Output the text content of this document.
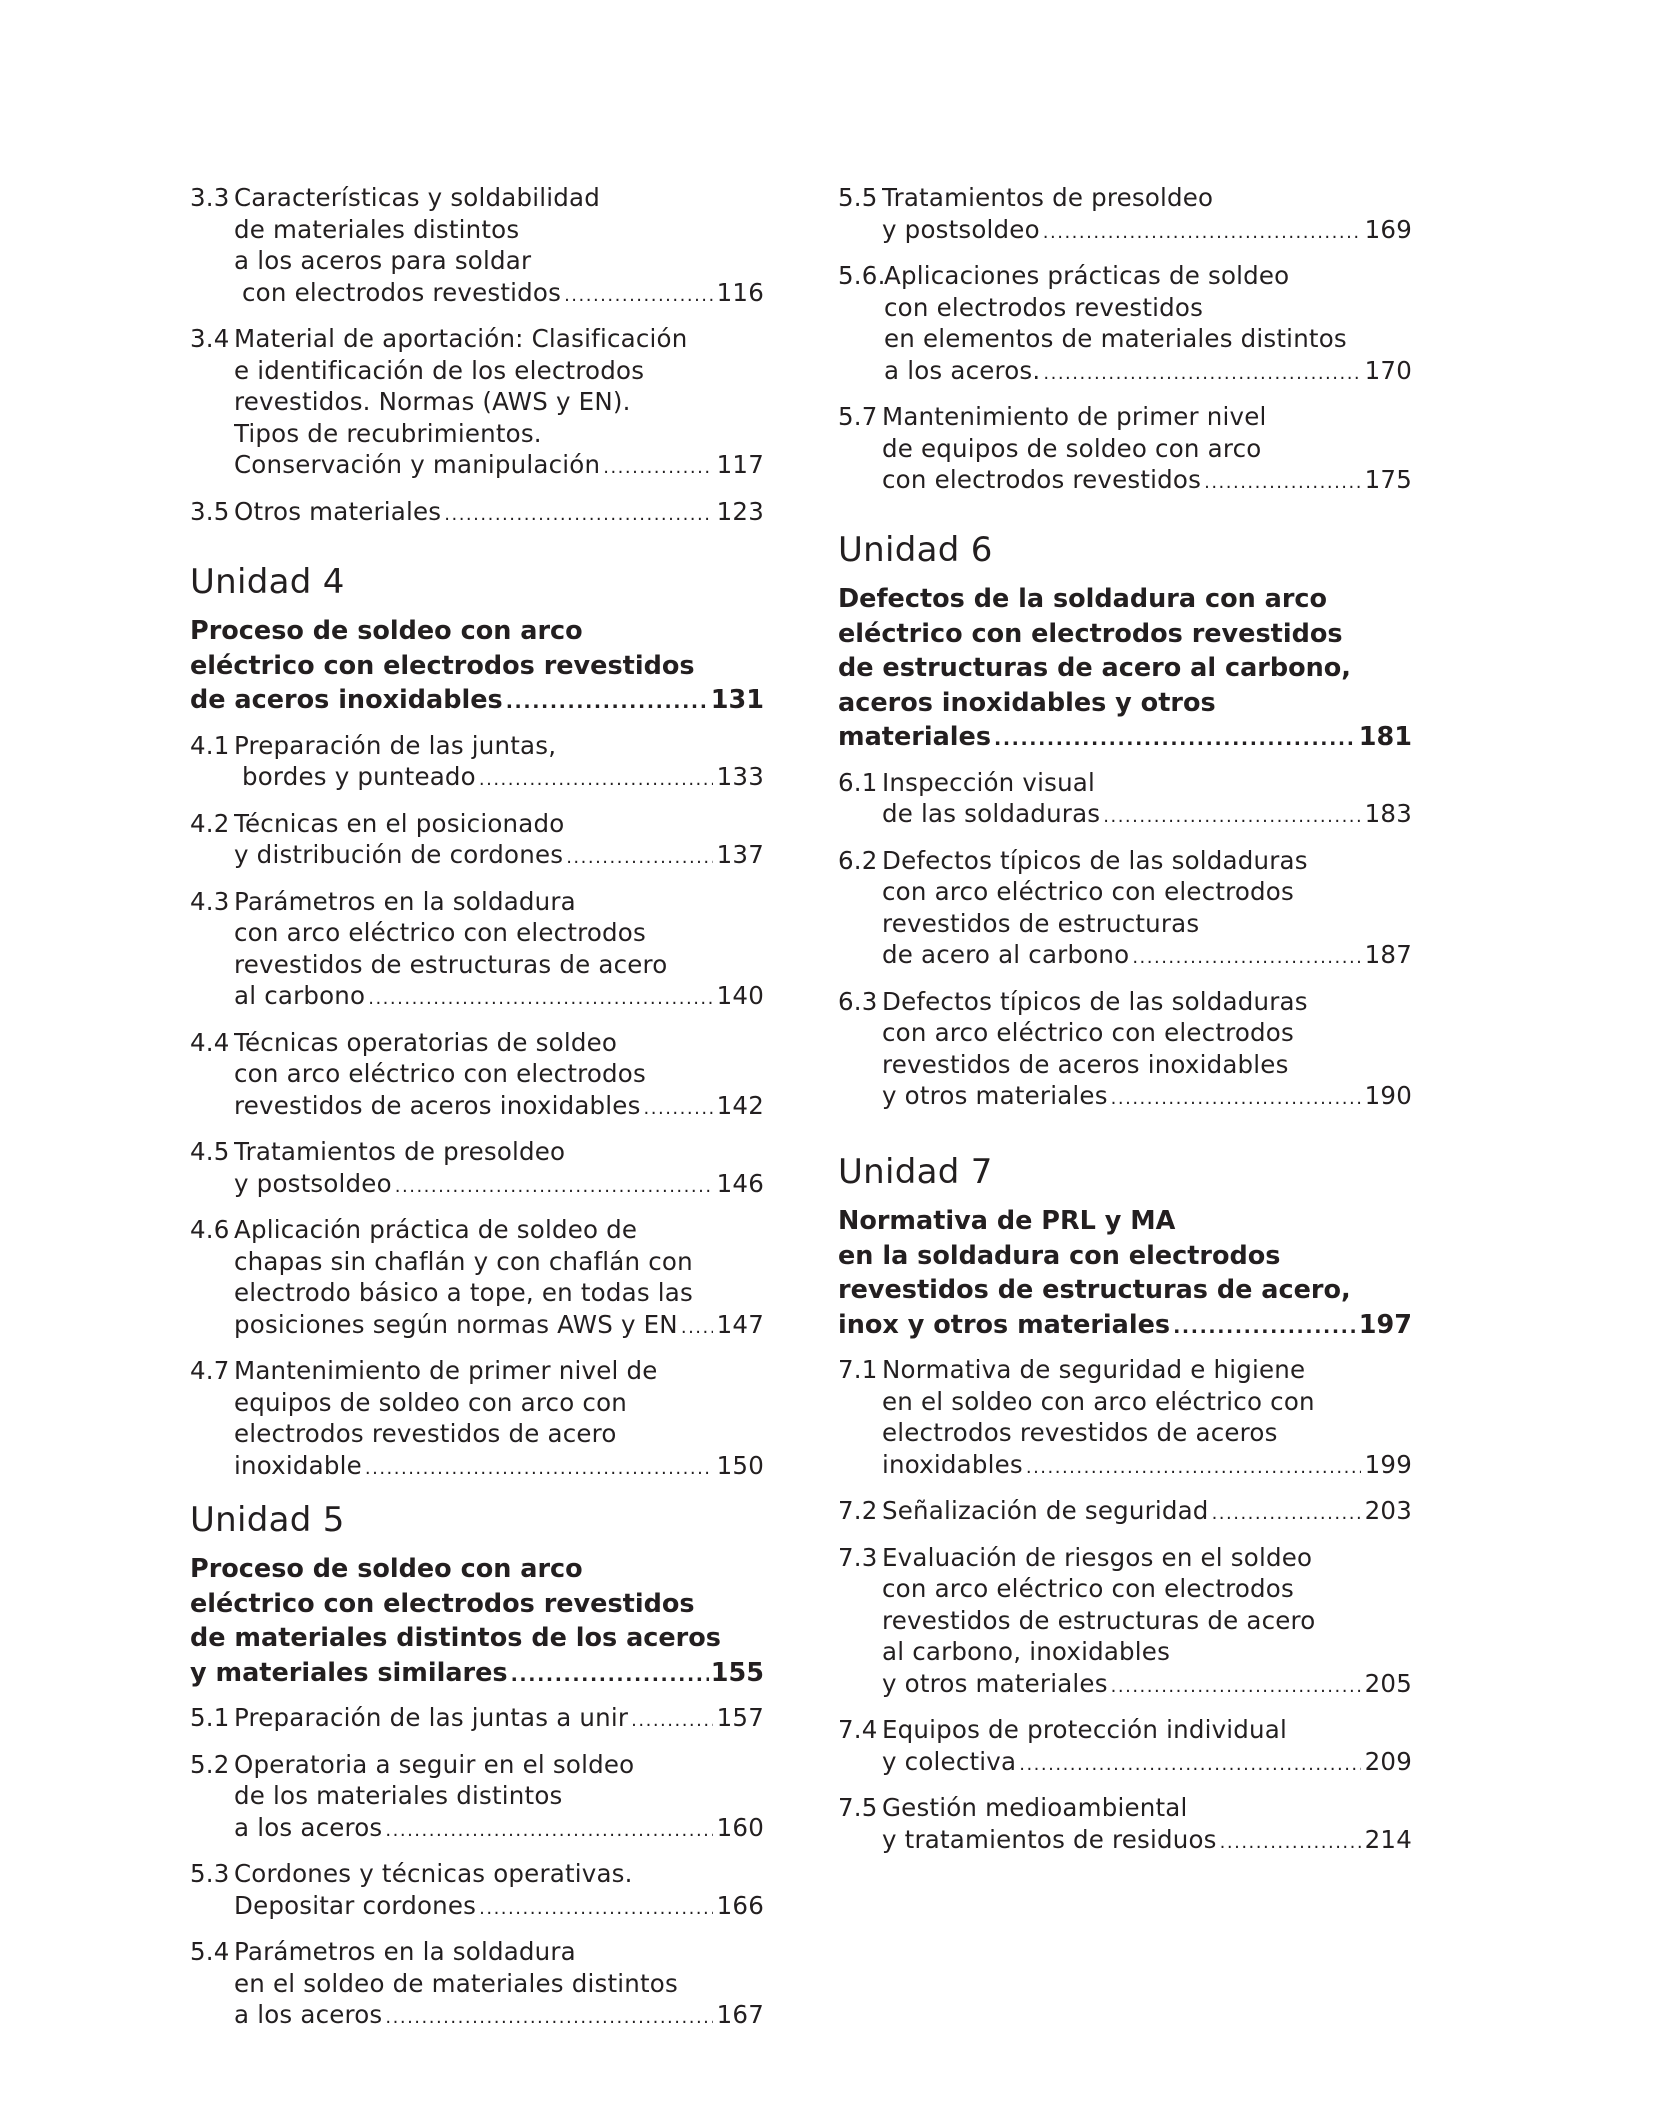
3.3 Características y soldabilidad
de materiales distintos
a los aceros para soldar
con electrodos revestidos .....	116
3.4 Material de aportación: Clasificación
e identificación de los electrodos
revestidos. Normas (AWS y EN).
Tipos de recubrimientos.
Conservación y manipulación .....	117
3.5 Otros materiales .....	123
Unidad 4
Proceso de soldeo con arco
eléctrico con electrodos revestidos
de aceros inoxidables .....	131
4.1 Preparación de las juntas,
bordes y punteado .....	133
4.2 Técnicas en el posicionado
y distribución de cordones .....	137
4.3 Parámetros en la soldadura
con arco eléctrico con electrodos
revestidos de estructuras de acero
al carbono .....	140
4.4 Técnicas operatorias de soldeo
con arco eléctrico con electrodos
revestidos de aceros inoxidables .....	142
4.5 Tratamientos de presoldeo
y postsoldeo .....	146
4.6 Aplicación práctica de soldeo de
chapas sin chaflán y con chaflán con
electrodo básico a tope, en todas las
posiciones según normas AWS y EN ..... 147
4.7 Mantenimiento de primer nivel de
equipos de soldeo con arco con
electrodos revestidos de acero
inoxidable .....	150
Unidad 5
Proceso de soldeo con arco
eléctrico con electrodos revestidos
de materiales distintos de los aceros
y materiales similares .....	155
5.1 Preparación de las juntas a unir .....	157
5.2 Operatoria a seguir en el soldeo
de los materiales distintos
a los aceros .....	160
5.3 Cordones y técnicas operativas.
Depositar cordones .....	166
5.4 Parámetros en la soldadura
en el soldeo de materiales distintos
a los aceros .....	167
5.5 Tratamientos de presoldeo
y postsoldeo .....	169
5.6.
Aplicaciones prácticas de soldeo
con electrodos revestidos
en elementos de materiales distintos
a los aceros. .....	170
5.7 Mantenimiento de primer nivel
de equipos de soldeo con arco
con electrodos revestidos .....	175
Unidad 6
Defectos de la soldadura con arco
eléctrico con electrodos revestidos
de estructuras de acero al carbono,
aceros inoxidables y otros
materiales .....	181
6.1 Inspección visual
de las soldaduras .....	183
6.2 Defectos típicos de las soldaduras
con arco eléctrico con electrodos
revestidos de estructuras
de acero al carbono .....	187
6.3 Defectos típicos de las soldaduras
con arco eléctrico con electrodos
revestidos de aceros inoxidables
y otros materiales .....	190
Unidad 7
Normativa de PRL y MA
en la soldadura con electrodos
revestidos de estructuras de acero,
inox y otros materiales .....	197
7.1 Normativa de seguridad e higiene
en el soldeo con arco eléctrico con
electrodos revestidos de aceros
inoxidables .....	199
7.2 Señalización de seguridad .....	203
7.3 Evaluación de riesgos en el soldeo
con arco eléctrico con electrodos
revestidos de estructuras de acero
al carbono, inoxidables
y otros materiales .....	205
7.4 Equipos de protección individual
y colectiva .....	209
7.5 Gestión medioambiental
y tratamientos de residuos .....	214
